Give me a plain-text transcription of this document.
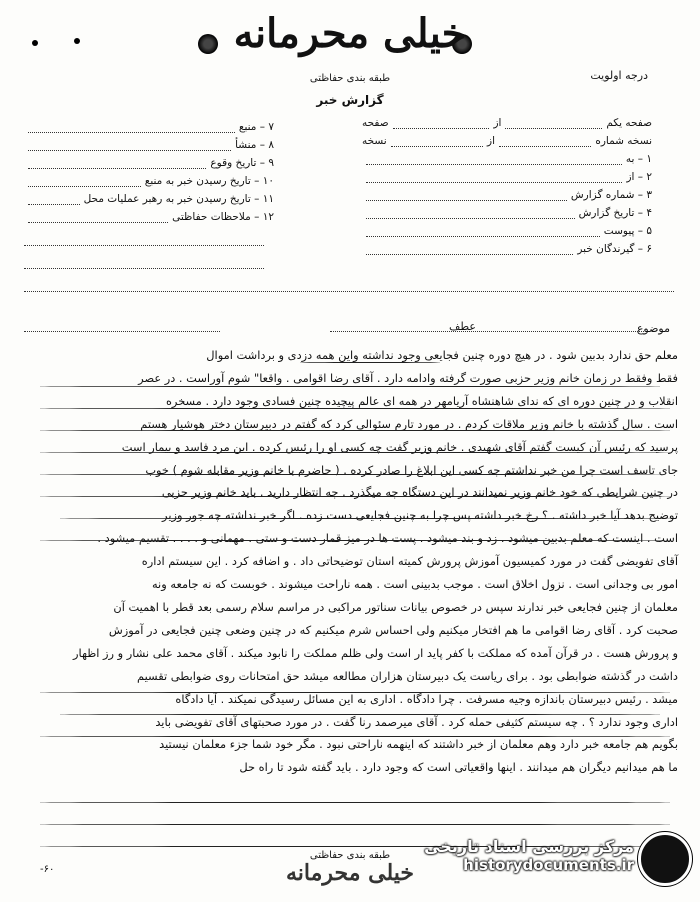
خیلی محرمانه
درجه اولویت
طبقه بندی حفاظتی
گزارش خبر
صفحه یکم
از
صفحه
نسخه شماره
از
نسخه
۱ – به
۲ – از
۳ – شماره گزارش
۴ – تاریخ گزارش
۵ – پیوست
۶ – گیرندگان خبر
۷ – منبع
۸ – منشأ
۹ – تاریخ وقوع
۱۰ – تاریخ رسیدن خبر به منبع
۱۱ – تاریخ رسیدن خبر به رهبر عملیات محل
۱۲ – ملاحظات حفاظتی
عطف	موضوع

معلم حق ندارد بدبین شود . در هیچ دوره چنین فجایعی وجود نداشته واین همه دزدی و برداشت اموال

فقط وفقط در زمان خانم وزیر حزبی صورت گرفته وادامه دارد . آقای رضا اقوامی . واقعا" شوم آوراست . در عصر

انقلاب و در چنین دوره ای که ندای شاهنشاه آریامهر در همه ای عالم پیچیده چنین فسادی وجود دارد . مسخره

است . سال گذشته با خانم وزیر ملاقات کردم . در مورد تارم سئوالی کرد که گفتم در دبیرستان دختر هوشیار هستم

پرسید که رئیس آن کیست گفتم آقای شهیدی . خانم وزیر گفت چه کسی او را رئیس کرده . این مرد فاسد و بیمار است

جای تاسف است چرا من خبر نداشتم چه کسی این ابلاغ را صادر کرده . ( حاضرم با خانم وزیر مقابله شوم ) خوب

در چنین شرایطی که خود خانم وزیر نمیدانند در این دستگاه چه میگذرد . چه انتظار دارید . باید خانم وزیر حزبی

توضیح بدهد آیا خبر داشته . ؟ رخ خبر داشته پس چرا به چنین فجایعی دست زده . اگر خبر نداشته چه جور وزیر

است . اینست که معلم بدبین میشود . زد و بند میشود . پست ها در میز قمار دست و ستی . مهمانی و . . . . تقسیم میشود .

آقای تفویضی گفت در مورد کمیسیون آموزش پرورش کمیته استان توضیحاتی داد . و اضافه کرد . این سیستم اداره

امور بی وجدانی است . نزول اخلاق است . موجب بدبینی است . همه ناراحت میشوند . خوبست که نه جامعه ونه

معلمان از چنین فجایعی خبر ندارند سپس در خصوص بیانات سناتور مراکبی در مراسم سلام رسمی بعد قطر با اهمیت آن

صحبت کرد . آقای رضا اقوامی ما هم افتخار میکنیم ولی احساس شرم میکنیم که در چنین وضعی چنین فجایعی در آموزش

و پرورش هست . در قرآن آمده که مملکت با کفر پاید ار است ولی ظلم مملکت را نابود میکند . آقای محمد علی نشار و رز اظهار

داشت در گذشته ضوابطی بود . برای ریاست یک دبیرستان هزاران مطالعه میشد حق امتحانات روی ضوابطی تقسیم

میشد . رئیس دبیرستان باندازه وجیه مسرفت . چرا دادگاه . اداری به این مسائل رسیدگی نمیکند . آیا دادگاه

اداری وجود ندارد ؟ . چه سیستم کثیفی حمله کرد . آقای میرصمد رنا گفت . در مورد صحبتهای آقای تفویضی باید

بگویم هم جامعه خبر دارد وهم معلمان از خبر داشتند که اینهمه ناراحتی نبود . مگر خود شما جزء معلمان نیستید

ما هم میدانیم دیگران هم میدانند . اینها واقعیاتی است که وجود دارد . باید گفته شود تا راه حل

۶۰-
طبقه بندی حفاظتی
خیلی محرمانه
مرکز بررسی اسناد تاریخی
historydocuments.ir
